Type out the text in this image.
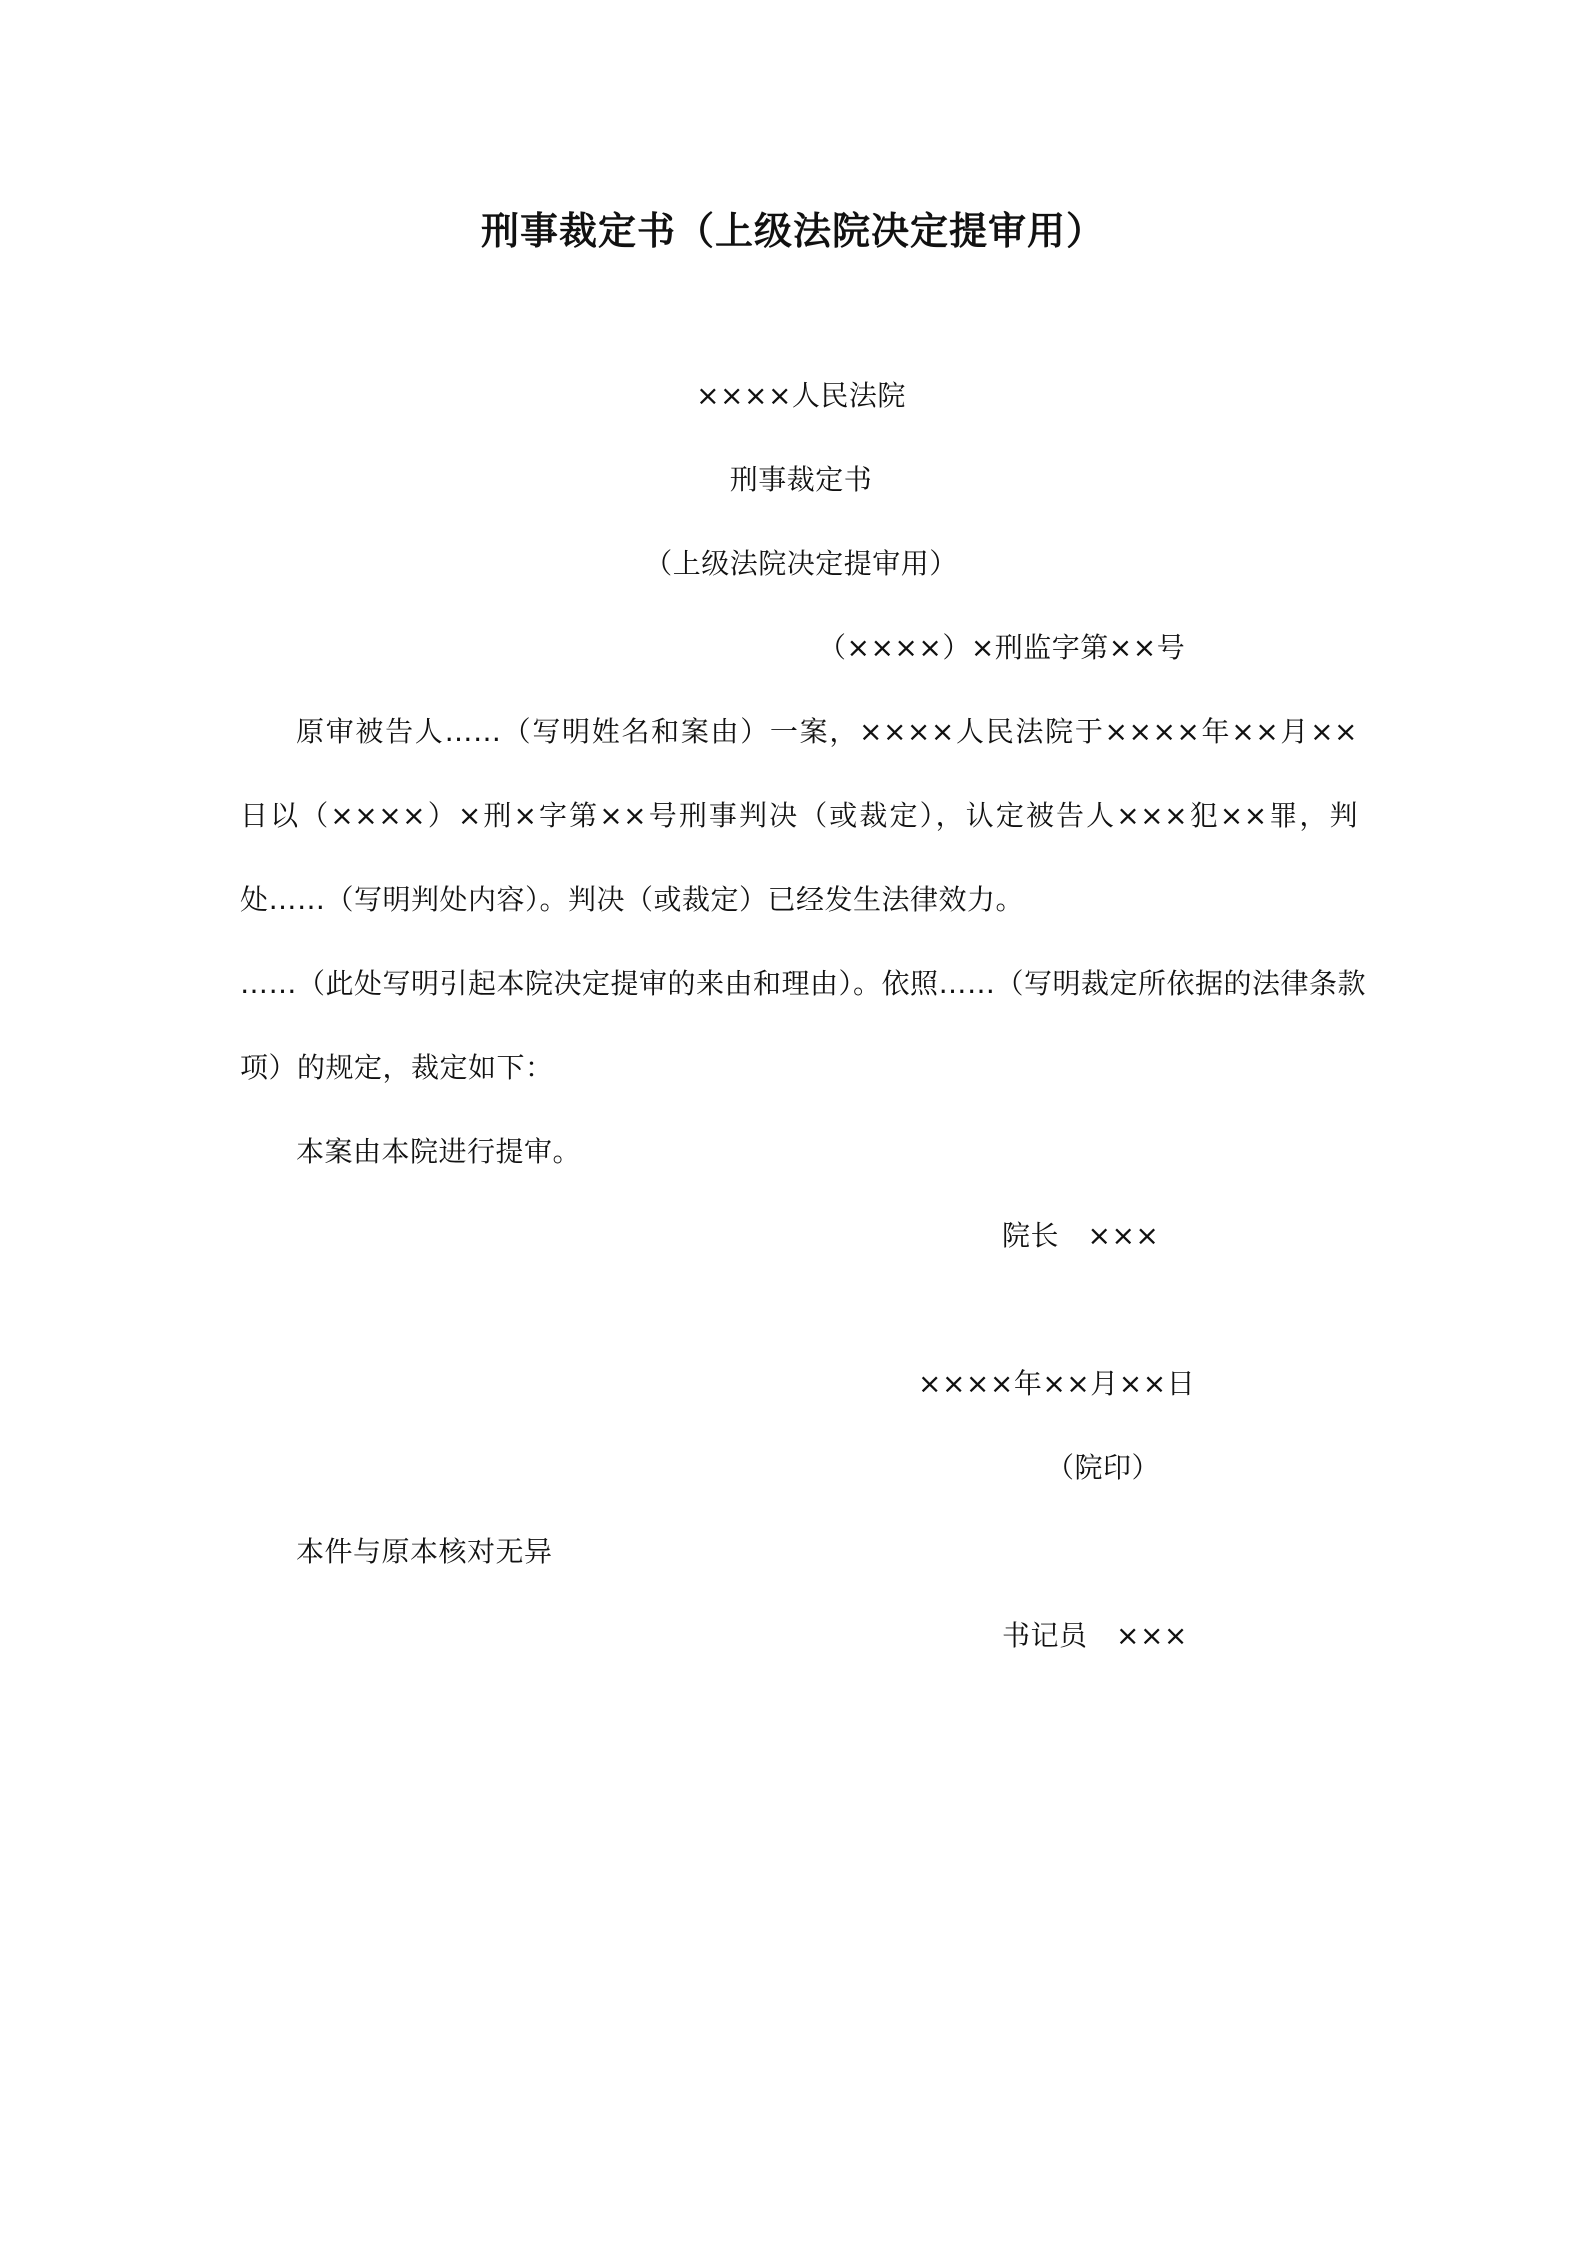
刑事裁定书（上级法院决定提审用）
××××人民法院
刑事裁定书
（上级法院决定提审用）
（××××）×刑监字第××号
原审被告人……（写明姓名和案由）一案，××××人民法院于××××年××月××
日以（××××）×刑×字第××号刑事判决（或裁定），认定被告人×××犯××罪，判
处……（写明判处内容）。判决（或裁定）已经发生法律效力。
……（此处写明引起本院决定提审的来由和理由）。依照……（写明裁定所依据的法律条款
项）的规定，裁定如下：
本案由本院进行提审。
院长　×××
××××年××月××日
（院印）
本件与原本核对无异
书记员　×××
